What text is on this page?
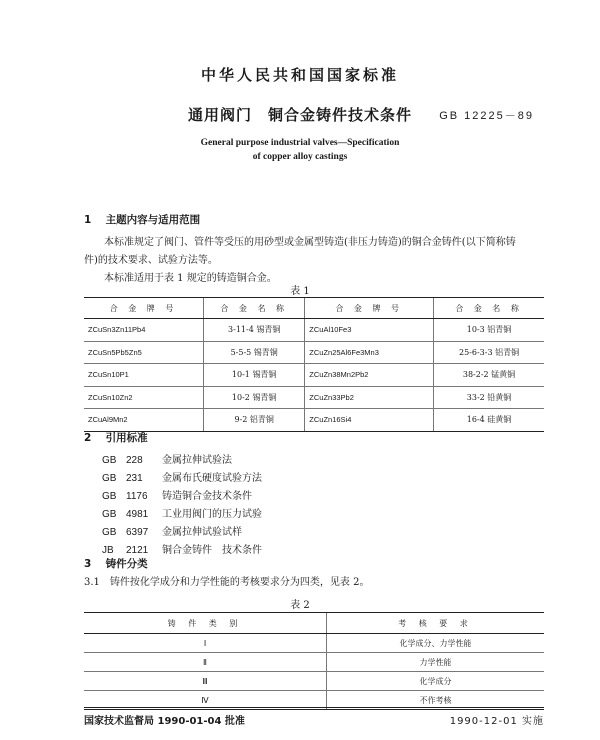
中华人民共和国国家标准
通用阀门　铜合金铸件技术条件	GB 12225－89
General purpose industrial valves—Specification
of copper alloy castings
1 主题内容与适用范围
本标准规定了阀门、管件等受压的用砂型或金属型铸造(非压力铸造)的铜合金铸件(以下简称铸
件)的技术要求、试验方法等。
本标准适用于表 1 规定的铸造铜合金。
表 1
合 金 牌 号	合 金 名 称	合 金 牌 号	合 金 名 称
ZCuSn3Zn11Pb4	3-11-4 锡青铜	ZCuAl10Fe3	10-3 铝青铜
ZCuSn5Pb5Zn5	5-5-5 锡青铜	ZCuZn25Al6Fe3Mn3	25-6-3-3 铝青铜
ZCuSn10P1	10-1 锡青铜	ZCuZn38Mn2Pb2	38-2-2 锰黄铜
ZCuSn10Zn2	10-2 锡青铜	ZCuZn33Pb2	33-2 铅黄铜
ZCuAl9Mn2	9-2 铝青铜	ZCuZn16Si4	16-4 硅黄铜
2 引用标准
GB 228 金属拉伸试验法
GB 231 金属布氏硬度试验方法
GB 1176 铸造铜合金技术条件
GB 4981 工业用阀门的压力试验
GB 6397 金属拉伸试验试样
JB 2121 铜合金铸件　技术条件
3 铸件分类
3.1　铸件按化学成分和力学性能的考核要求分为四类，见表 2。
表 2
铸 件 类 别	考 核 要 求
Ⅰ	化学成分、力学性能
Ⅱ	力学性能
Ⅲ	化学成分
Ⅳ	不作考核
国家技术监督局 1990-01-04 批准	1990-12-01 实施
